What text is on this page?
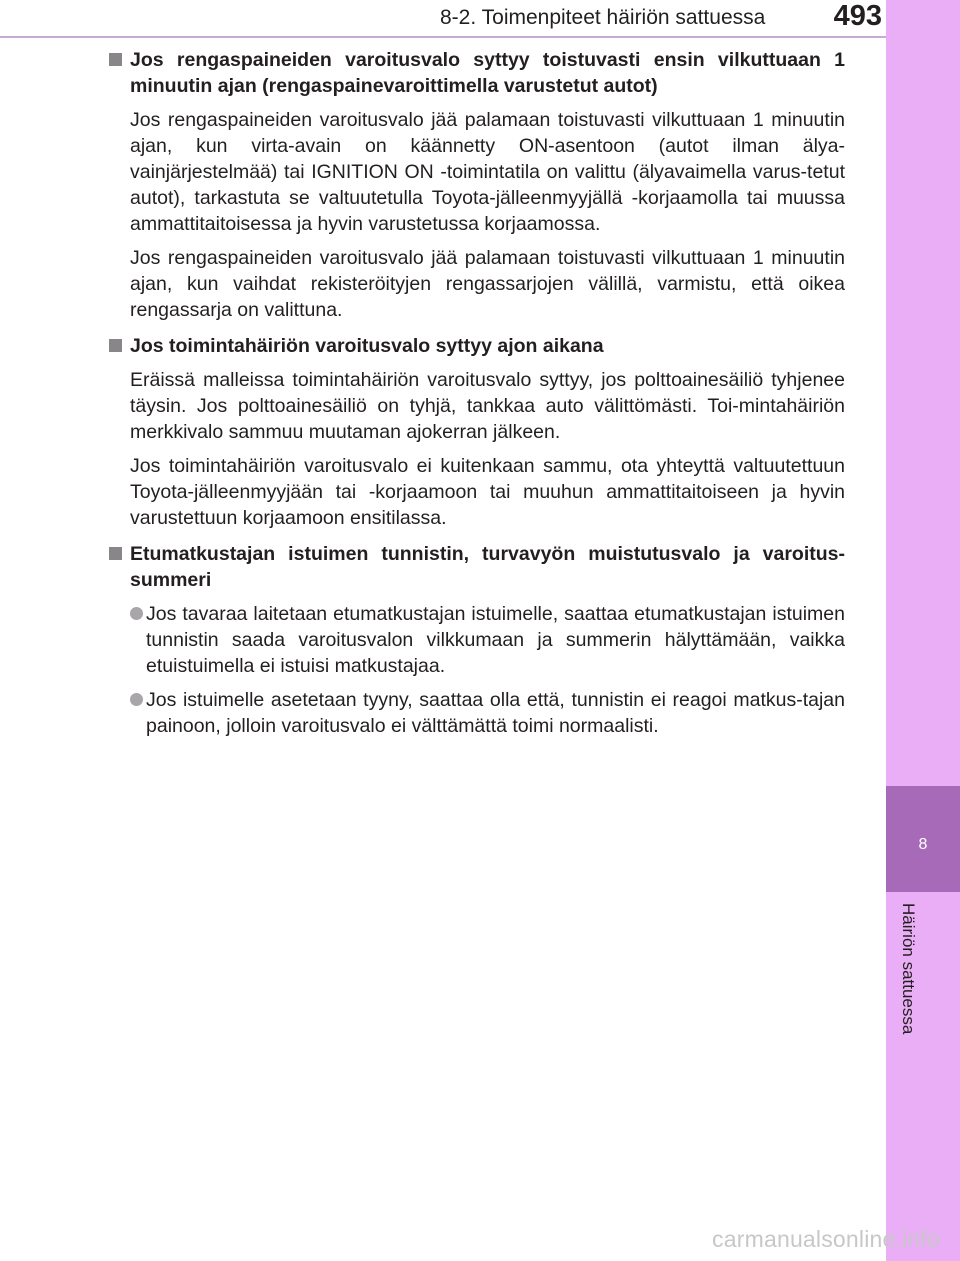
8-2. Toimenpiteet häiriön sattuessa	493
8
Häiriön sattuessa
Jos rengaspaineiden varoitusvalo syttyy toistuvasti ensin vilkuttuaan 1 minuutin ajan (rengaspainevaroittimella varustetut autot)
Jos rengaspaineiden varoitusvalo jää palamaan toistuvasti vilkuttuaan 1 minuutin ajan, kun virta-avain on käännetty ON-asentoon (autot ilman älya-vainjärjestelmää) tai IGNITION ON -toimintatila on valittu (älyavaimella varus-tetut autot), tarkastuta se valtuutetulla Toyota-jälleenmyyjällä -korjaamolla tai muussa ammattitaitoisessa ja hyvin varustetussa korjaamossa.
Jos rengaspaineiden varoitusvalo jää palamaan toistuvasti vilkuttuaan 1 minuutin ajan, kun vaihdat rekisteröityjen rengassarjojen välillä, varmistu, että oikea rengassarja on valittuna.
Jos toimintahäiriön varoitusvalo syttyy ajon aikana
Eräissä malleissa toimintahäiriön varoitusvalo syttyy, jos polttoainesäiliö tyhjenee täysin. Jos polttoainesäiliö on tyhjä, tankkaa auto välittömästi. Toi-mintahäiriön merkkivalo sammuu muutaman ajokerran jälkeen.
Jos toimintahäiriön varoitusvalo ei kuitenkaan sammu, ota yhteyttä valtuutettuun Toyota-jälleenmyyjään tai -korjaamoon tai muuhun ammattitaitoiseen ja hyvin varustettuun korjaamoon ensitilassa.
Etumatkustajan istuimen tunnistin, turvavyön muistutusvalo ja varoitus-summeri
Jos tavaraa laitetaan etumatkustajan istuimelle, saattaa etumatkustajan istuimen tunnistin saada varoitusvalon vilkkumaan ja summerin hälyttämään, vaikka etuistuimella ei istuisi matkustajaa.
Jos istuimelle asetetaan tyyny, saattaa olla että, tunnistin ei reagoi matkus-tajan painoon, jolloin varoitusvalo ei välttämättä toimi normaalisti.
carmanualsonline.info
